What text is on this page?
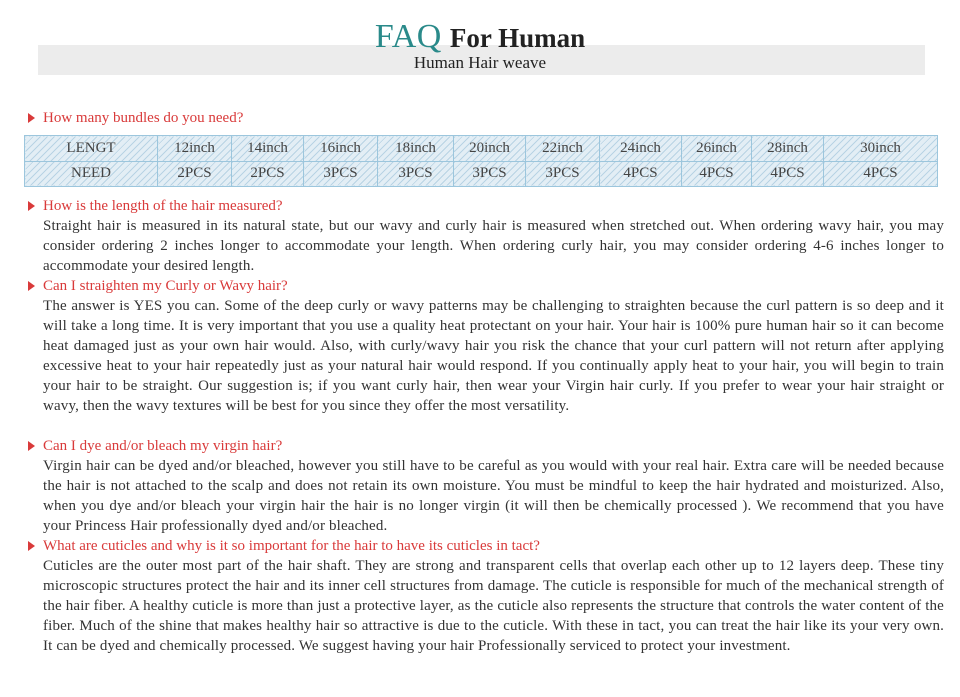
FAQ For Human
Human Hair weave
How many bundles do you need?
LENGT	12inch	14inch	16inch	18inch	20inch	22inch	24inch	26inch	28inch	30inch
NEED	2PCS	2PCS	3PCS	3PCS	3PCS	3PCS	4PCS	4PCS	4PCS	4PCS
How is the length of the hair measured?

Straight hair is measured in its natural state, but our wavy and curly hair is measured when stretched out. When ordering wavy hair, you may consider ordering 2 inches longer to accommodate your length. When ordering curly hair, you may consider ordering 4-6 inches longer to accommodate your desired length.

Can I straighten my Curly or Wavy hair?

The answer is YES you can. Some of the deep curly or wavy patterns may be challenging to straighten because the curl pattern is so deep and it will take a long time. It is very important that you use a quality heat protectant on your hair. Your hair is 100% pure human hair so it can become heat damaged just as your own hair would. Also, with curly/wavy hair you risk the chance that your curl pattern will not return after applying excessive heat to your hair repeatedly just as your natural hair would respond. If you continually apply heat to your hair, you will begin to train your hair to be straight. Our suggestion is; if you want curly hair, then wear your Virgin hair curly. If you prefer to wear your hair straight or wavy, then the wavy textures will be best for you since they offer the most versatility.

Can I dye and/or bleach my virgin hair?

Virgin hair can be dyed and/or bleached, however you still have to be careful as you would with your real hair. Extra care will be needed because the hair is not attached to the scalp and does not retain its own moisture. You must be mindful to keep the hair hydrated and moisturized. Also, when you dye and/or bleach your virgin hair the hair is no longer virgin (it will then be chemically processed ). We recommend that you have your Princess Hair professionally dyed and/or bleached.

What are cuticles and why is it so important for the hair to have its cuticles in tact?

Cuticles are the outer most part of the hair shaft. They are strong and transparent cells that overlap each other up to 12 layers deep. These tiny microscopic structures protect the hair and its inner cell structures from damage. The cuticle is responsible for much of the mechanical strength of the hair fiber. A healthy cuticle is more than just a protective layer, as the cuticle also represents the structure that controls the water content of the fiber. Much of the shine that makes healthy hair so attractive is due to the cuticle. With these in tact, you can treat the hair like its your very own. It can be dyed and chemically processed. We suggest having your hair Professionally serviced to protect your investment.
